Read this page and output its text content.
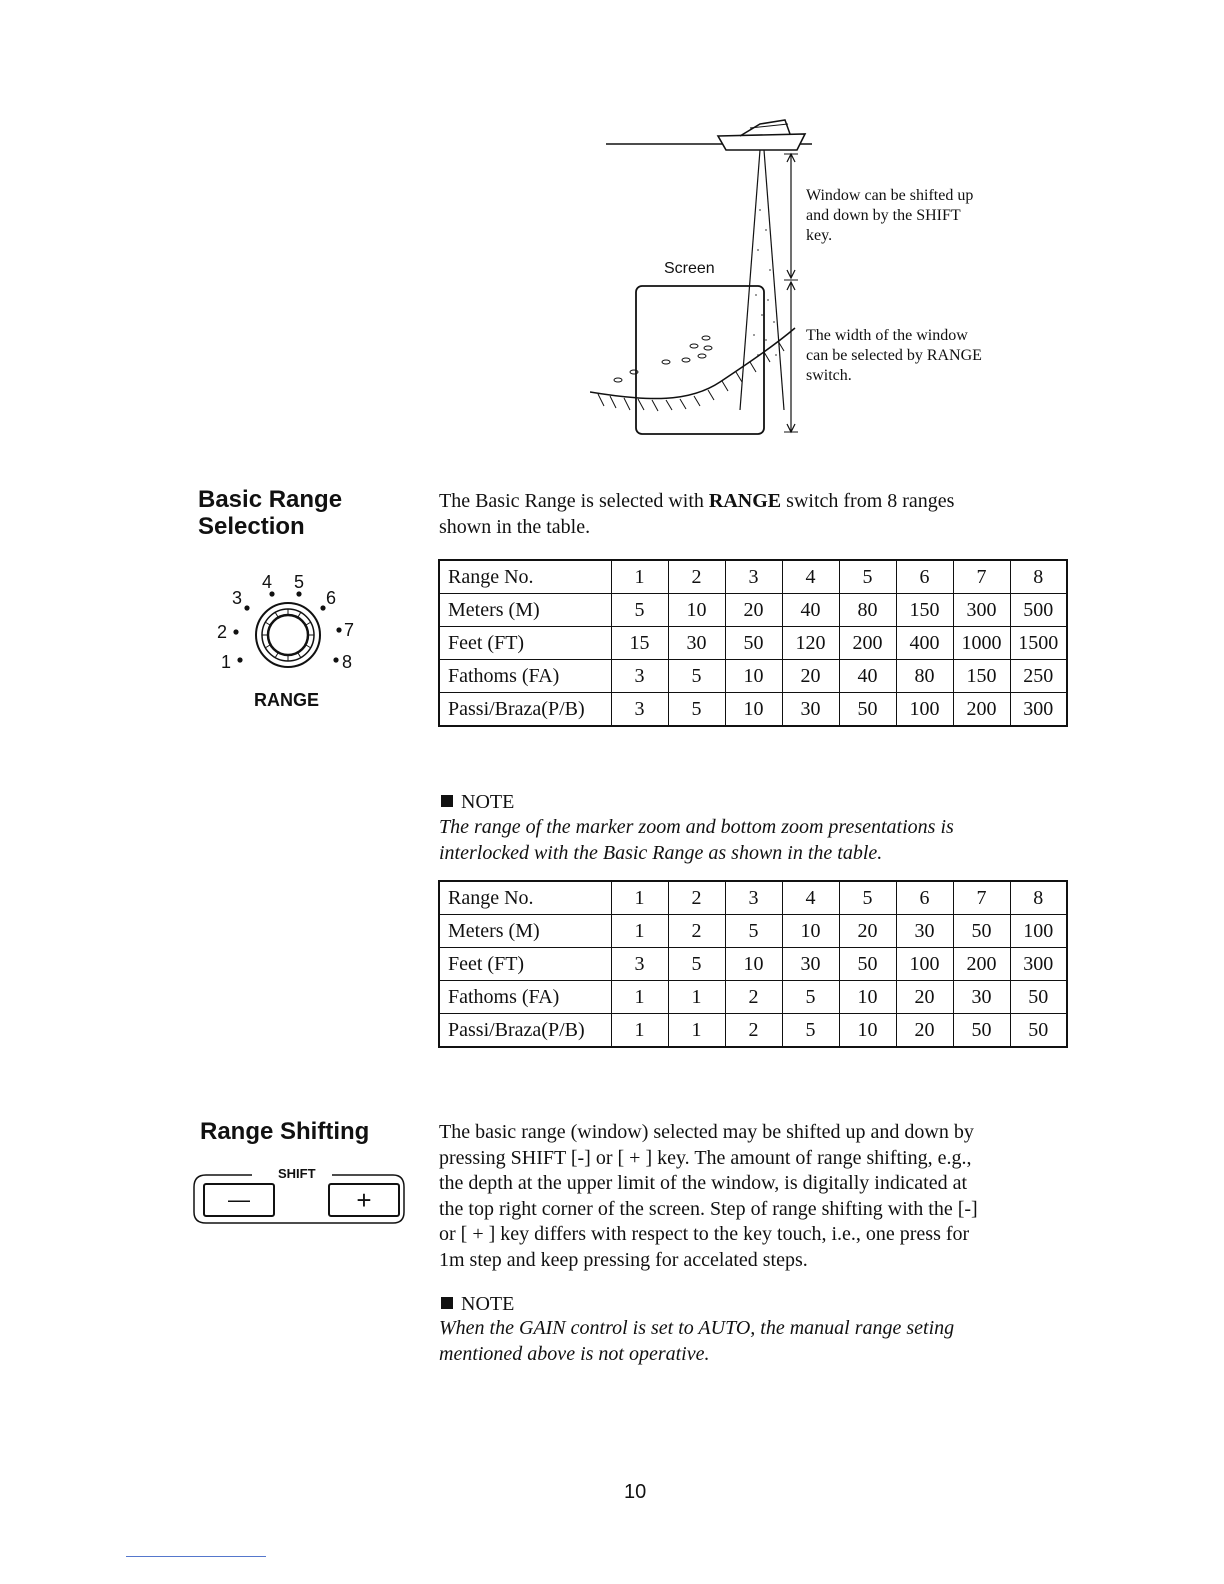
Screen
Window can be shifted up
and down by the SHIFT
key.
The width of the window
can be selected by RANGE
switch.
Basic Range
Selection
The Basic Range is selected with RANGE switch from 8 ranges
shown in the table.
1
2
3
4 5
6
7
8
RANGE
Range No.	1	2	3	4	5	6	7	8
Meters (M)	5	10	20	40	80	150	300	500
Feet (FT)	15	30	50	120	200	400	1000	1500
Fathoms (FA)	3	5	10	20	40	80	150	250
Passi/Braza(P/B)	3	5	10	30	50	100	200	300
NOTE
The range of the marker zoom and bottom zoom presentations is
interlocked with the Basic Range as shown in the table.
Range No.	1	2	3	4	5	6	7	8
Meters (M)	1	2	5	10	20	30	50	100
Feet (FT)	3	5	10	30	50	100	200	300
Fathoms (FA)	1	1	2	5	10	20	30	50
Passi/Braza(P/B)	1	1	2	5	10	20	50	50
Range Shifting
SHIFT
—	+
The basic range (window) selected may be shifted up and down by
pressing SHIFT [-] or [ + ] key. The amount of range shifting, e.g.,
the depth at the upper limit of the window, is digitally indicated at
the top right corner of the screen. Step of range shifting with the [-]
or [ + ] key differs with respect to the key touch, i.e., one press for
1m step and keep pressing for accelated steps.
NOTE
When the GAIN control is set to AUTO, the manual range seting
mentioned above is not operative.
10
